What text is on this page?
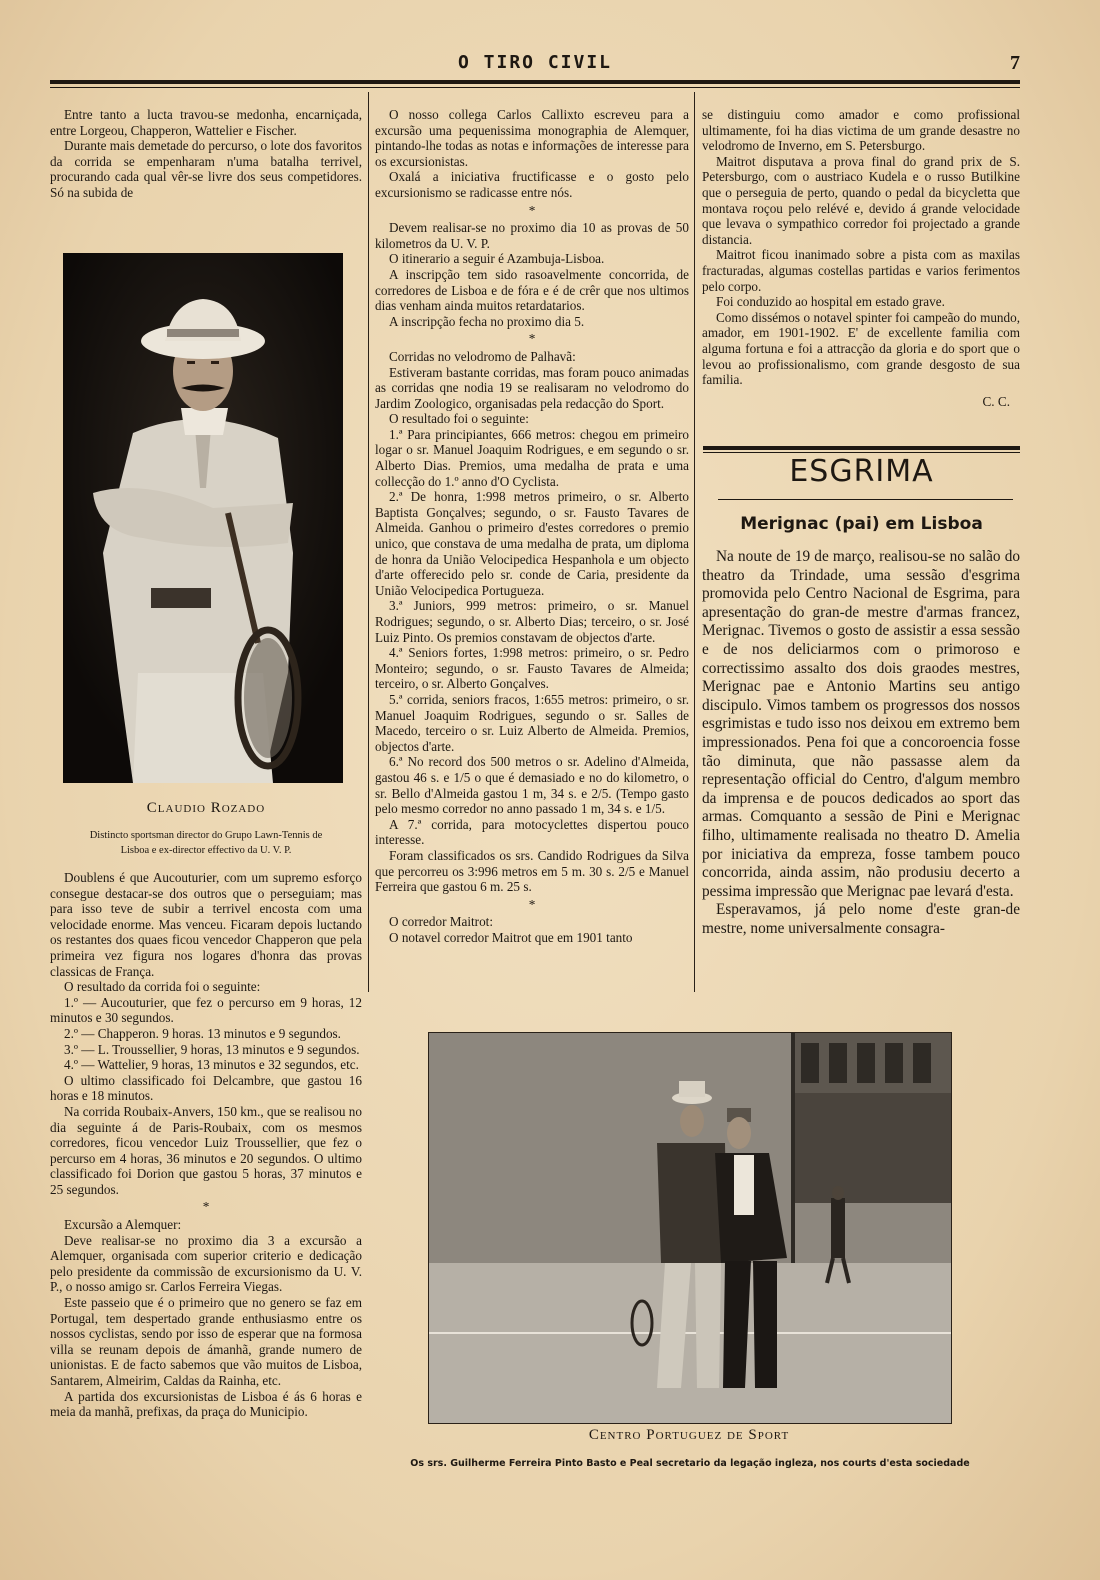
O TIRO CIVIL	7

Entre tanto a lucta travou-se medonha, encarniçada, entre Lorgeou, Chapperon, Wattelier e Fischer.

Durante mais demetade do percurso, o lote dos favoritos da corrida se empenharam n'uma batalha terrivel, procurando cada qual vêr-se livre dos seus competidores. Só na subida de

Claudio Rozado
Distincto sportsman director do Grupo Lawn-Tennis de
Lisboa e ex-director effectivo da U. V. P.

Doublens é que Aucouturier, com um supremo esforço consegue destacar-se dos outros que o perseguiam; mas para isso teve de subir a terrivel encosta com uma velocidade enorme. Mas venceu. Ficaram depois luctando os restantes dos quaes ficou vencedor Chapperon que pela primeira vez figura nos logares d'honra das provas classicas de França.

O resultado da corrida foi o seguinte:

1.º — Aucouturier, que fez o percurso em 9 horas, 12 minutos e 30 segundos.

2.º — Chapperon. 9 horas. 13 minutos e 9 segundos.

3.º — L. Troussellier, 9 horas, 13 minutos e 9 segundos.

4.º — Wattelier, 9 horas, 13 minutos e 32 segundos, etc.

O ultimo classificado foi Delcambre, que gastou 16 horas e 18 minutos.

Na corrida Roubaix-Anvers, 150 km., que se realisou no dia seguinte á de Paris-Roubaix, com os mesmos corredores, ficou vencedor Luiz Troussellier, que fez o percurso em 4 horas, 36 minutos e 20 segundos. O ultimo classificado foi Dorion que gastou 5 horas, 37 minutos e 25 segundos.

*

Excursão a Alemquer:

Deve realisar-se no proximo dia 3 a excursão a Alemquer, organisada com superior criterio e dedicação pelo presidente da commissão de excursionismo da U. V. P., o nosso amigo sr. Carlos Ferreira Viegas.

Este passeio que é o primeiro que no genero se faz em Portugal, tem despertado grande enthusiasmo entre os nossos cyclistas, sendo por isso de esperar que na formosa villa se reunam depois de ámanhã, grande numero de unionistas. E de facto sabemos que vão muitos de Lisboa, Santarem, Almeirim, Caldas da Rainha, etc.

A partida dos excursionistas de Lisboa é ás 6 horas e meia da manhã, prefixas, da praça do Municipio.

O nosso collega Carlos Callixto escreveu para a excursão uma pequenissima monographia de Alemquer, pintando-lhe todas as notas e informações de interesse para os excursionistas.

Oxalá a iniciativa fructificasse e o gosto pelo excursionismo se radicasse entre nós.

*

Devem realisar-se no proximo dia 10 as provas de 50 kilometros da U. V. P.

O itinerario a seguir é Azambuja-Lisboa.

A inscripção tem sido rasoavelmente concorrida, de corredores de Lisboa e de fóra e é de crêr que nos ultimos dias venham ainda muitos retardatarios.

A inscripção fecha no proximo dia 5.

*

Corridas no velodromo de Palhavã:

Estiveram bastante corridas, mas foram pouco animadas as corridas qne nodia 19 se realisaram no velodromo do Jardim Zoologico, organisadas pela redacção do Sport.

O resultado foi o seguinte:

1.ª Para principiantes, 666 metros: chegou em primeiro logar o sr. Manuel Joaquim Rodrigues, e em segundo o sr. Alberto Dias. Premios, uma medalha de prata e uma collecção do 1.º anno d'O Cyclista.

2.ª De honra, 1:998 metros primeiro, o sr. Alberto Baptista Gonçalves; segundo, o sr. Fausto Tavares de Almeida. Ganhou o primeiro d'estes corredores o premio unico, que constava de uma medalha de prata, um diploma de honra da União Velocipedica Hespanhola e um objecto d'arte offerecido pelo sr. conde de Caria, presidente da União Velocipedica Portugueza.

3.ª Juniors, 999 metros: primeiro, o sr. Manuel Rodrigues; segundo, o sr. Alberto Dias; terceiro, o sr. José Luiz Pinto. Os premios constavam de objectos d'arte.

4.ª Seniors fortes, 1:998 metros: primeiro, o sr. Pedro Monteiro; segundo, o sr. Fausto Tavares de Almeida; terceiro, o sr. Alberto Gonçalves.

5.ª corrida, seniors fracos, 1:655 metros: primeiro, o sr. Manuel Joaquim Rodrigues, segundo o sr. Salles de Macedo, terceiro o sr. Luiz Alberto de Almeida. Premios, objectos d'arte.

6.ª No record dos 500 metros o sr. Adelino d'Almeida, gastou 46 s. e 1/5 o que é demasiado e no do kilometro, o sr. Bello d'Almeida gastou 1 m, 34 s. e 2/5. (Tempo gasto pelo mesmo corredor no anno passado 1 m, 34 s. e 1/5.

A 7.ª corrida, para motocyclettes dispertou pouco interesse.

Foram classificados os srs. Candido Rodrigues da Silva que percorreu os 3:996 metros em 5 m. 30 s. 2/5 e Manuel Ferreira que gastou 6 m. 25 s.

*

O corredor Maitrot:

O notavel corredor Maitrot que em 1901 tanto

se distinguiu como amador e como profissional ultimamente, foi ha dias victima de um grande desastre no velodromo de Inverno, em S. Petersburgo.

Maitrot disputava a prova final do grand prix de S. Petersburgo, com o austriaco Kudela e o russo Butilkine que o perseguia de perto, quando o pedal da bicycletta que montava roçou pelo relévé e, devido á grande velocidade que levava o sympathico corredor foi projectado a grande distancia.

Maitrot ficou inanimado sobre a pista com as maxilas fracturadas, algumas costellas partidas e varios ferimentos pelo corpo.

Foi conduzido ao hospital em estado grave.

Como dissémos o notavel spinter foi campeão do mundo, amador, em 1901-1902. E' de excellente familia com alguma fortuna e foi a attracção da gloria e do sport que o levou ao profissionalismo, com grande desgosto de sua familia.

C. C.

ESGRIMA
Merignac (pai) em Lisboa

Na noute de 19 de março, realisou-se no salão do theatro da Trindade, uma sessão d'esgrima promovida pelo Centro Nacional de Esgrima, para apresentação do gran-de mestre d'armas francez, Merignac. Tivemos o gosto de assistir a essa sessão e de nos deliciarmos com o primoroso e correctissimo assalto dos dois graodes mestres, Merignac pae e Antonio Martins seu antigo discipulo. Vimos tambem os progressos dos nossos esgrimistas e tudo isso nos deixou em extremo bem impressionados. Pena foi que a concoroencia fosse tão diminuta, que não passasse alem da representação official do Centro, d'algum membro da imprensa e de poucos dedicados ao sport das armas. Comquanto a sessão de Pini e Merignac filho, ultimamente realisada no theatro D. Amelia por iniciativa da empreza, fosse tambem pouco concorrida, ainda assim, não produsiu decerto a pessima impressão que Merignac pae levará d'esta.

Esperavamos, já pelo nome d'este gran-de mestre, nome universalmente consagra-

Centro Portuguez de Sport
Os srs. Guilherme Ferreira Pinto Basto e Peal secretario da legação ingleza, nos courts d'esta sociedade
